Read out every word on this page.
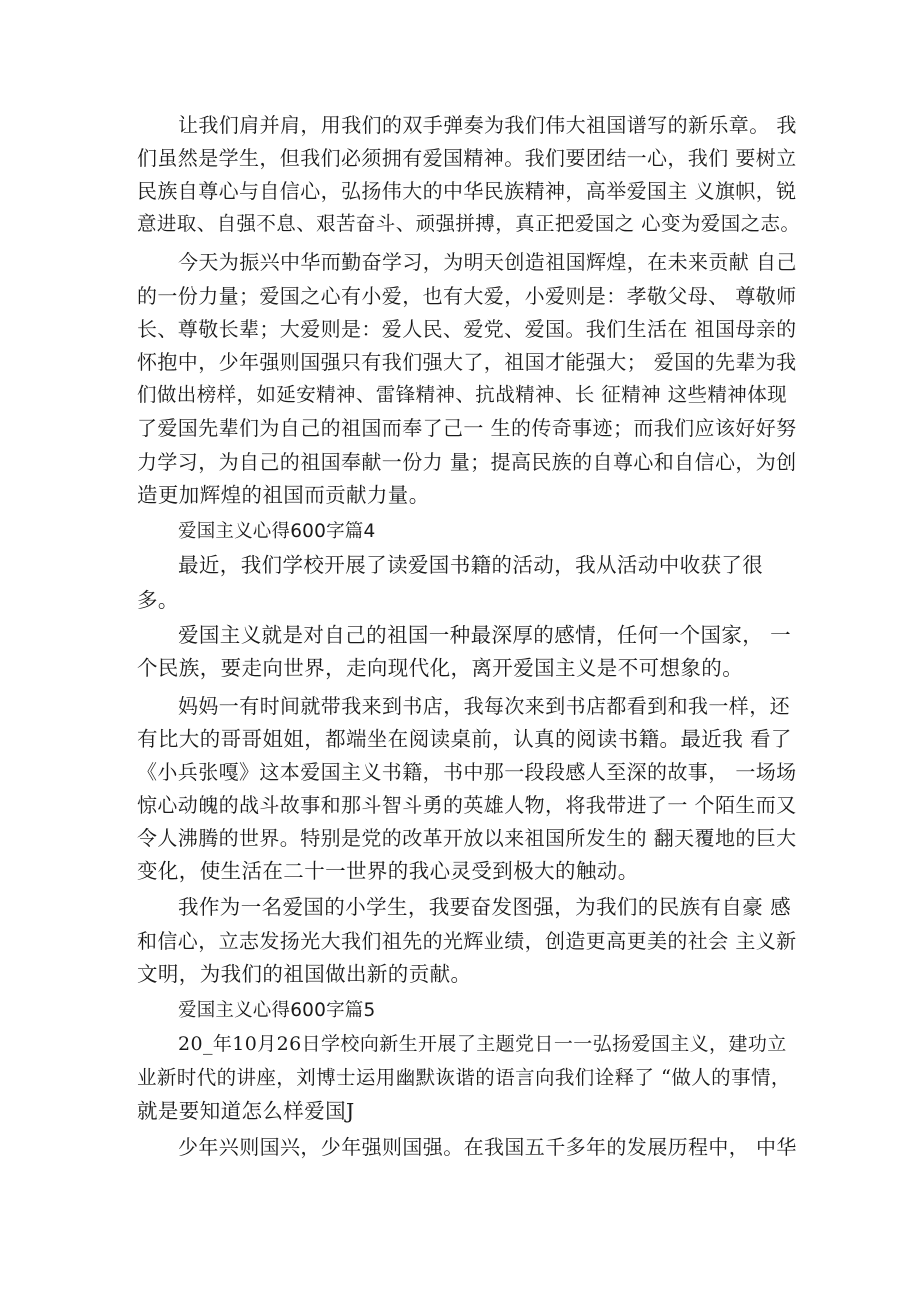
让我们肩并肩，用我们的双手弹奏为我们伟大祖国谱写的新乐章。 我
们虽然是学生，但我们必须拥有爱国精神。我们要团结一心，我们 要树立
民族自尊心与自信心，弘扬伟大的中华民族精神，高举爱国主 义旗帜，锐
意进取、自强不息、艰苦奋斗、顽强拼搏，真正把爱国之 心变为爱国之志。
今天为振兴中华而勤奋学习，为明天创造祖国辉煌，在未来贡献 自己
的一份力量；爱国之心有小爱，也有大爱，小爱则是：孝敬父母、 尊敬师
长、尊敬长辈；大爱则是：爱人民、爱党、爱国。我们生活在 祖国母亲的
怀抱中，少年强则国强只有我们强大了，祖国才能强大； 爱国的先辈为我
们做出榜样，如延安精神、雷锋精神、抗战精神、长 征精神 这些精神体现
了爱国先辈们为自己的祖国而奉了己一 生的传奇事迹；而我们应该好好努
力学习，为自己的祖国奉献一份力 量；提高民族的自尊心和自信心，为创
造更加辉煌的祖国而贡献力量。
爱国主义心得600字篇4
最近，我们学校开展了读爱国书籍的活动，我从活动中收获了很
多。
爱国主义就是对自己的祖国一种最深厚的感情，任何一个国家， 一
个民族，要走向世界，走向现代化，离开爱国主义是不可想象的。
妈妈一有时间就带我来到书店，我每次来到书店都看到和我一样，还
有比大的哥哥姐姐，都端坐在阅读桌前，认真的阅读书籍。最近我 看了
《小兵张嘎》这本爱国主义书籍，书中那一段段感人至深的故事， 一场场
惊心动魄的战斗故事和那斗智斗勇的英雄人物，将我带进了一 个陌生而又
令人沸腾的世界。特别是党的改革开放以来祖国所发生的 翻天覆地的巨大
变化，使生活在二十一世界的我心灵受到极大的触动。
我作为一名爱国的小学生，我要奋发图强，为我们的民族有自豪 感
和信心，立志发扬光大我们祖先的光辉业绩，创造更高更美的社会 主义新
文明，为我们的祖国做出新的贡献。
爱国主义心得600字篇5
20_年10月26日学校向新生开展了主题党日一一弘扬爱国主义，建功立
业新时代的讲座，刘博士运用幽默诙谐的语言向我们诠释了 “做人的事情，
就是要知道怎么样爱国J
少年兴则国兴，少年强则国强。在我国五千多年的发展历程中， 中华
